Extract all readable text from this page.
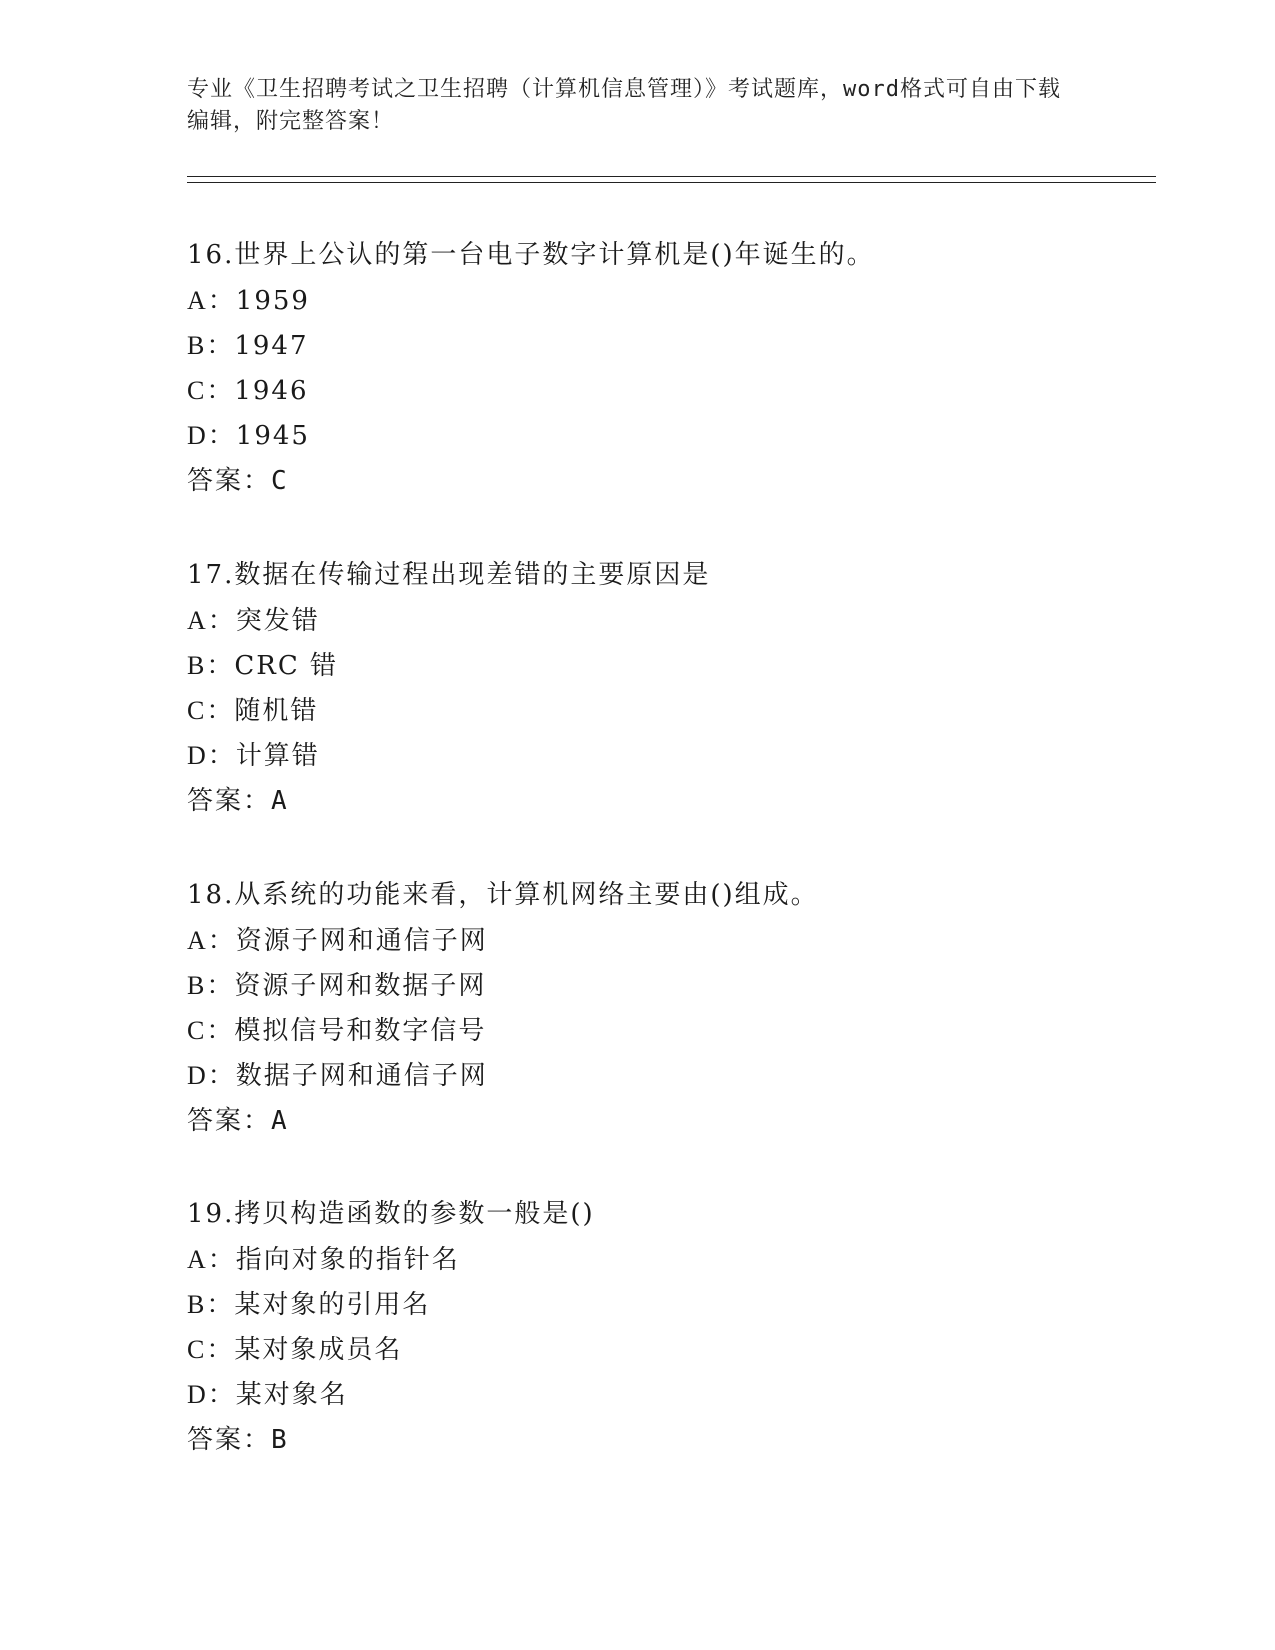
专业《卫生招聘考试之卫生招聘（计算机信息管理）》考试题库，word格式可自由下载编辑，附完整答案！
16.世界上公认的第一台电子数字计算机是()年诞生的。
A：1959
B：1947
C：1946
D：1945
答案：C
17.数据在传输过程出现差错的主要原因是
A：突发错
B：CRC 错
C：随机错
D：计算错
答案：A
18.从系统的功能来看，计算机网络主要由()组成。
A：资源子网和通信子网
B：资源子网和数据子网
C：模拟信号和数字信号
D：数据子网和通信子网
答案：A
19.拷贝构造函数的参数一般是()
A：指向对象的指针名
B：某对象的引用名
C：某对象成员名
D：某对象名
答案：B
